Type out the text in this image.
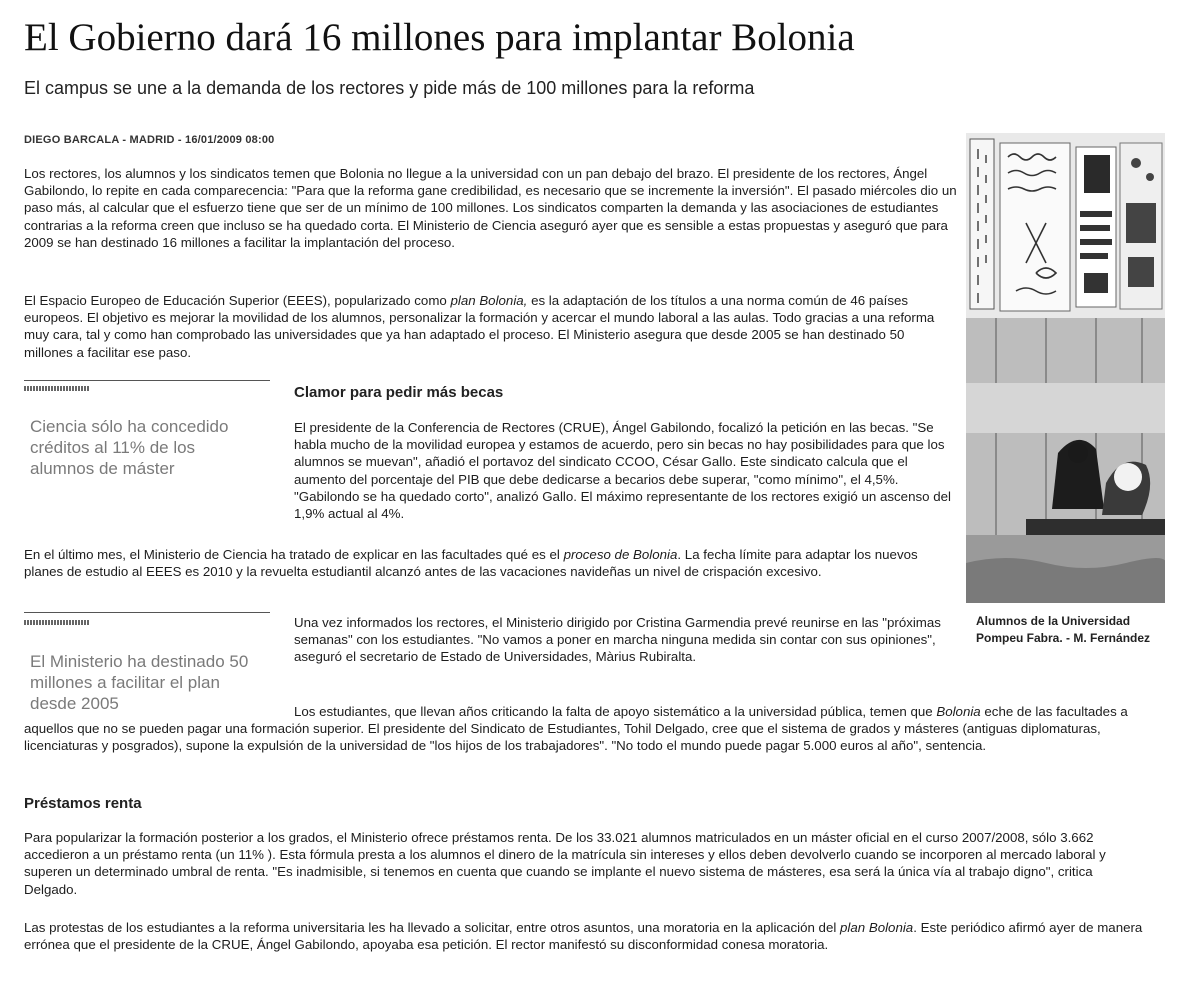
El Gobierno dará 16 millones para implantar Bolonia

El campus se une a la demanda de los rectores y pide más de 100 millones para la reforma

DIEGO BARCALA - MADRID - 16/01/2009 08:00

Los rectores, los alumnos y los sindicatos temen que Bolonia no llegue a la universidad con un pan debajo del brazo. El presidente de los rectores, Ángel Gabilondo, lo repite en cada comparecencia: "Para que la reforma gane credibilidad, es necesario que se incremente la inversión". El pasado miércoles dio un paso más, al calcular que el esfuerzo tiene que ser de un mínimo de 100 millones. Los sindicatos comparten la demanda y las asociaciones de estudiantes contrarias a la reforma creen que incluso se ha quedado corta. El Ministerio de Ciencia aseguró ayer que es sensible a estas propuestas y aseguró que para 2009 se han destinado 16 millones a facilitar la implantación del proceso.

El Espacio Europeo de Educación Superior (EEES), popularizado como plan Bolonia, es la adaptación de los títulos a una norma común de 46 países europeos. El objetivo es mejorar la movilidad de los alumnos, personalizar la formación y acercar el mundo laboral a las aulas. Todo gracias a una reforma muy cara, tal y como han comprobado las universidades que ya han adaptado el proceso. El Ministerio asegura que desde 2005 se han destinado 50 millones a facilitar ese paso.

Ciencia sólo ha concedido créditos al 11% de los alumnos de máster

Clamor para pedir más becas

El presidente de la Conferencia de Rectores (CRUE), Ángel Gabilondo, focalizó la petición en las becas. "Se habla mucho de la movilidad europea y estamos de acuerdo, pero sin becas no hay posibilidades para que los alumnos se muevan", añadió el portavoz del sindicato CCOO, César Gallo. Este sindicato calcula que el aumento del porcentaje del PIB que debe dedicarse a becarios debe superar, "como mínimo", el 4,5%. "Gabilondo se ha quedado corto", analizó Gallo. El máximo representante de los rectores exigió un ascenso del 1,9% actual al 4%.

En el último mes, el Ministerio de Ciencia ha tratado de explicar en las facultades qué es el proceso de Bolonia. La fecha límite para adaptar los nuevos planes de estudio al EEES es 2010 y la revuelta estudiantil alcanzó antes de las vacaciones navideñas un nivel de crispación excesivo.

El Ministerio ha destinado 50 millones a facilitar el plan desde 2005

Una vez informados los rectores, el Ministerio dirigido por Cristina Garmendia prevé reunirse en las "próximas semanas" con los estudiantes. "No vamos a poner en marcha ninguna medida sin contar con sus opiniones", aseguró el secretario de Estado de Universidades, Màrius Rubiralta.

Los estudiantes, que llevan años criticando la falta de apoyo sistemático a la universidad pública, temen que Bolonia eche de las facultades a aquellos que no se pueden pagar una formación superior. El presidente del Sindicato de Estudiantes, Tohil Delgado, cree que el sistema de grados y másteres (antiguas diplomaturas, licenciaturas y posgrados), supone la expulsión de la universidad de "los hijos de los trabajadores". "No todo el mundo puede pagar 5.000 euros al año", sentencia.

Préstamos renta

Para popularizar la formación posterior a los grados, el Ministerio ofrece préstamos renta. De los 33.021 alumnos matriculados en un máster oficial en el curso 2007/2008, sólo 3.662 accedieron a un préstamo renta (un 11% ). Esta fórmula presta a los alumnos el dinero de la matrícula sin intereses y ellos deben devolverlo cuando se incorporen al mercado laboral y superen un determinado umbral de renta. "Es inadmisible, si tenemos en cuenta que cuando se implante el nuevo sistema de másteres, esa será la única vía al trabajo digno", critica Delgado.

Las protestas de los estudiantes a la reforma universitaria les ha llevado a solicitar, entre otros asuntos, una moratoria en la aplicación del plan Bolonia. Este periódico afirmó ayer de manera errónea que el presidente de la CRUE, Ángel Gabilondo, apoyaba esa petición. El rector manifestó su disconformidad conesa moratoria.

Alumnos de la Universidad Pompeu Fabra. - M. Fernández
